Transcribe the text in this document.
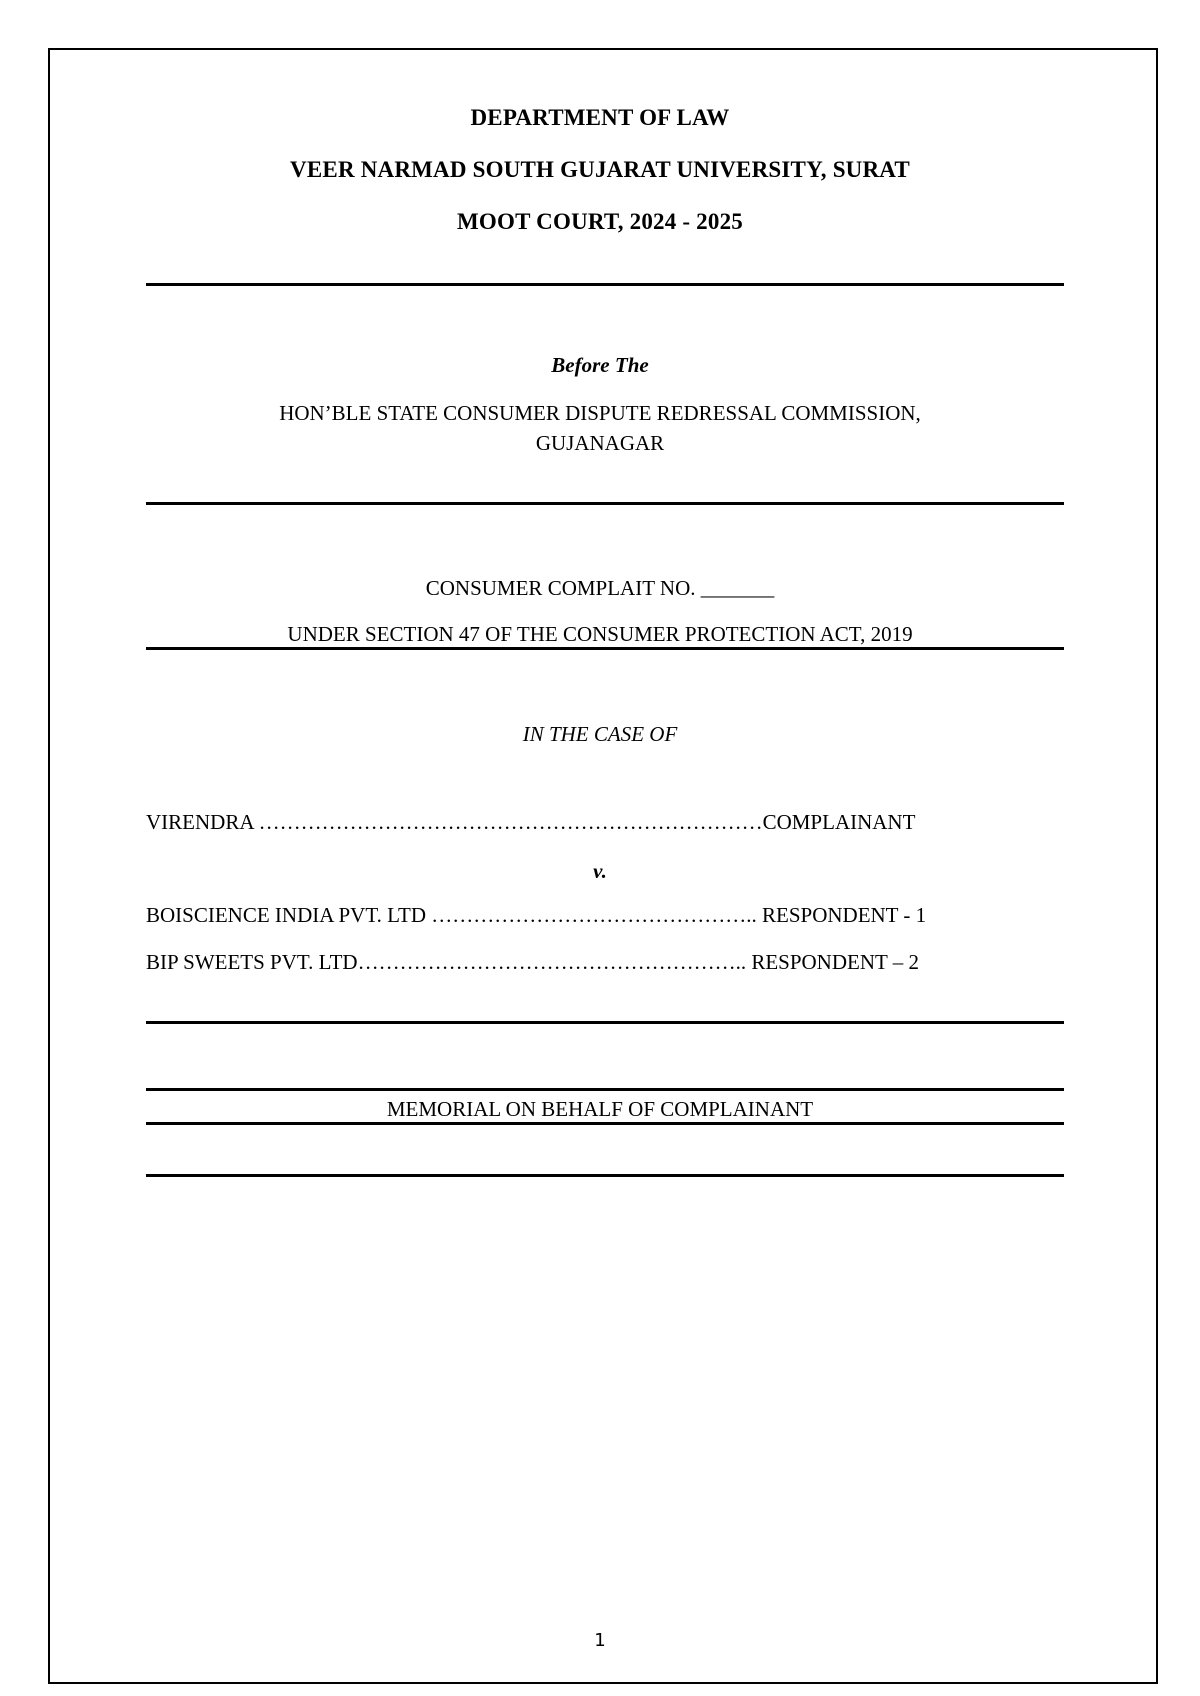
DEPARTMENT OF LAW
VEER NARMAD SOUTH GUJARAT UNIVERSITY, SURAT
MOOT COURT, 2024 - 2025
Before The
HON’BLE STATE CONSUMER DISPUTE REDRESSAL COMMISSION,
GUJANAGAR
CONSUMER COMPLAIT NO. _______
UNDER SECTION 47 OF THE CONSUMER PROTECTION ACT, 2019
IN THE CASE OF
VIRENDRA ………………………………………………………………COMPLAINANT
v.
BOISCIENCE INDIA PVT. LTD ……………………………………….. RESPONDENT - 1
BIP SWEETS PVT. LTD……………………………………………….. RESPONDENT – 2
MEMORIAL ON BEHALF OF COMPLAINANT
1
